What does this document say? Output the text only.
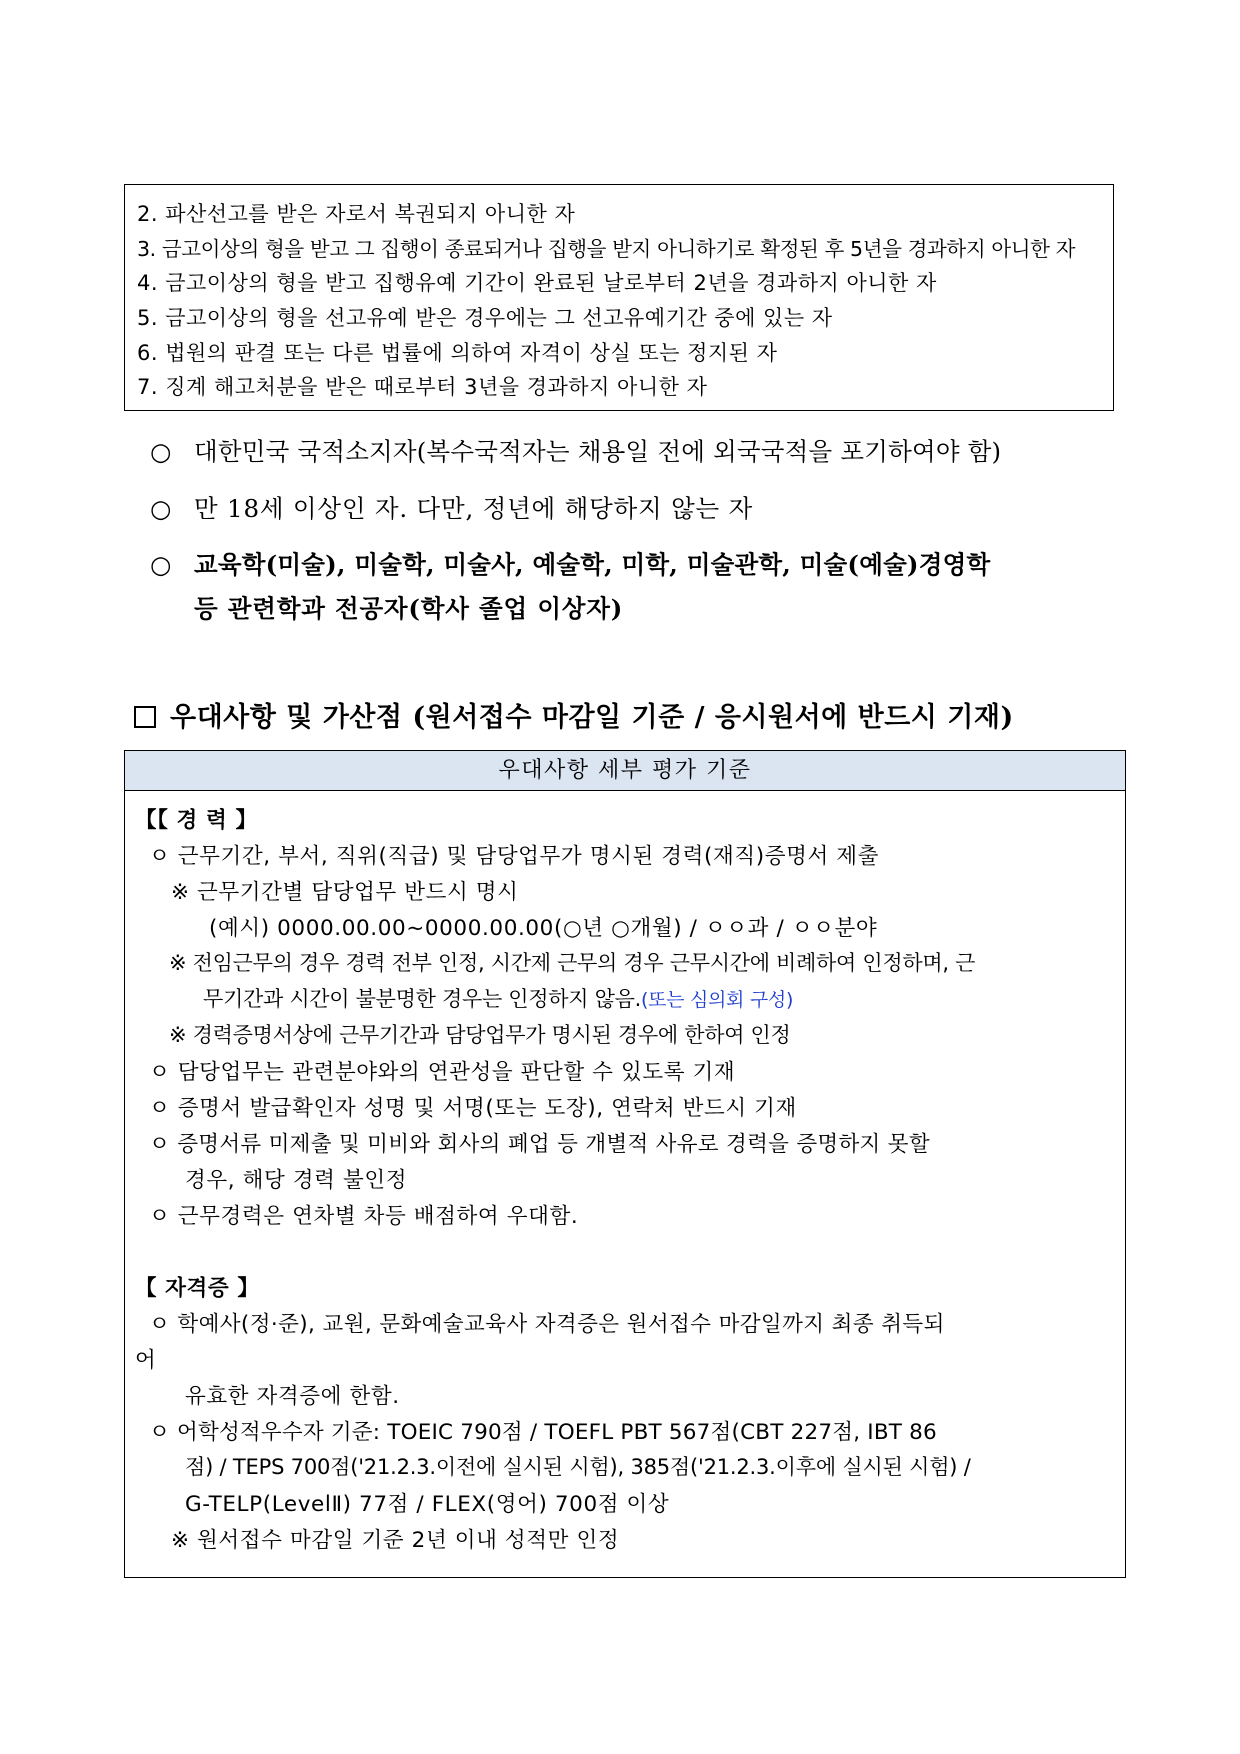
2. 파산선고를 받은 자로서 복권되지 아니한 자
3. 금고이상의 형을 받고 그 집행이 종료되거나 집행을 받지 아니하기로 확정된 후 5년을 경과하지 아니한 자
4. 금고이상의 형을 받고 집행유예 기간이 완료된 날로부터 2년을 경과하지 아니한 자
5. 금고이상의 형을 선고유예 받은 경우에는 그 선고유예기간 중에 있는 자
6. 법원의 판결 또는 다른 법률에 의하여 자격이 상실 또는 정지된 자
7. 징계 해고처분을 받은 때로부터 3년을 경과하지 아니한 자
○ 대한민국 국적소지자(복수국적자는 채용일 전에 외국국적을 포기하여야 함)
○ 만 18세 이상인 자. 다만, 정년에 해당하지 않는 자
○ 교육학(미술), 미술학, 미술사, 예술학, 미학, 미술관학, 미술(예술)경영학
등 관련학과 전공자(학사 졸업 이상자)
우대사항 및 가산점 (원서접수 마감일 기준 / 응시원서에 반드시 기재)
우대사항 세부 평가 기준
【【 경 력 】
ㅇ 근무기간, 부서, 직위(직급) 및 담당업무가 명시된 경력(재직)증명서 제출
※ 근무기간별 담당업무 반드시 명시
(예시) 0000.00.00~0000.00.00(○년 ○개월) / ㅇㅇ과 / ㅇㅇ분야
※ 전임근무의 경우 경력 전부 인정, 시간제 근무의 경우 근무시간에 비례하여 인정하며, 근
무기간과 시간이 불분명한 경우는 인정하지 않음.(또는 심의회 구성)
※ 경력증명서상에 근무기간과 담당업무가 명시된 경우에 한하여 인정
ㅇ 담당업무는 관련분야와의 연관성을 판단할 수 있도록 기재
ㅇ 증명서 발급확인자 성명 및 서명(또는 도장), 연락처 반드시 기재
ㅇ 증명서류 미제출 및 미비와 회사의 폐업 등 개별적 사유로 경력을 증명하지 못할
경우, 해당 경력 불인정
ㅇ 근무경력은 연차별 차등 배점하여 우대함.
【 자격증 】
ㅇ 학예사(정·준), 교원, 문화예술교육사 자격증은 원서접수 마감일까지 최종 취득되
어
유효한 자격증에 한함.
ㅇ 어학성적우수자 기준: TOEIC 790점 / TOEFL PBT 567점(CBT 227점, IBT 86
점) / TEPS 700점('21.2.3.이전에 실시된 시험), 385점('21.2.3.이후에 실시된 시험) /
G-TELP(LevelⅡ) 77점 / FLEX(영어) 700점 이상
※ 원서접수 마감일 기준 2년 이내 성적만 인정
